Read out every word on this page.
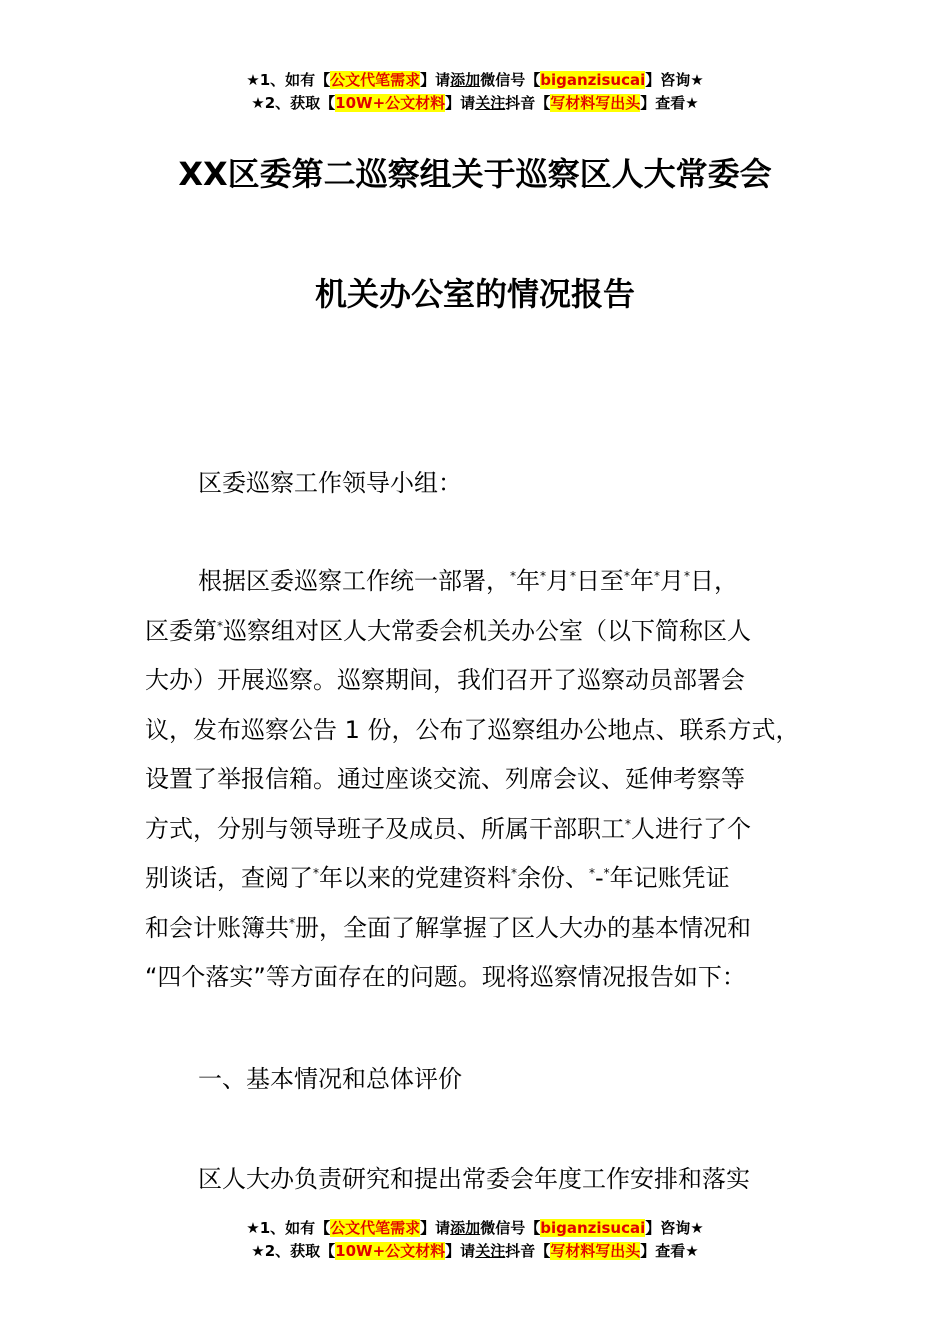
★1、如有【公文代笔需求】请添加微信号【biganzisucai】咨询★
★2、获取【10W+公文材料】请关注抖音【写材料写出头】查看★
XX区委第二巡察组关于巡察区人大常委会
机关办公室的情况报告
区委巡察工作领导小组：
根据区委巡察工作统一部署，*年*月*日至*年*月*日，
区委第*巡察组对区人大常委会机关办公室（以下简称区人
大办）开展巡察。巡察期间，我们召开了巡察动员部署会
议，发布巡察公告 1 份，公布了巡察组办公地点、联系方式，
设置了举报信箱。通过座谈交流、列席会议、延伸考察等
方式，分别与领导班子及成员、所属干部职工*人进行了个
别谈话，查阅了*年以来的党建资料*余份、*-*年记账凭证
和会计账簿共*册，全面了解掌握了区人大办的基本情况和
“四个落实”等方面存在的问题。现将巡察情况报告如下：
一、基本情况和总体评价
区人大办负责研究和提出常委会年度工作安排和落实
★1、如有【公文代笔需求】请添加微信号【biganzisucai】咨询★
★2、获取【10W+公文材料】请关注抖音【写材料写出头】查看★
